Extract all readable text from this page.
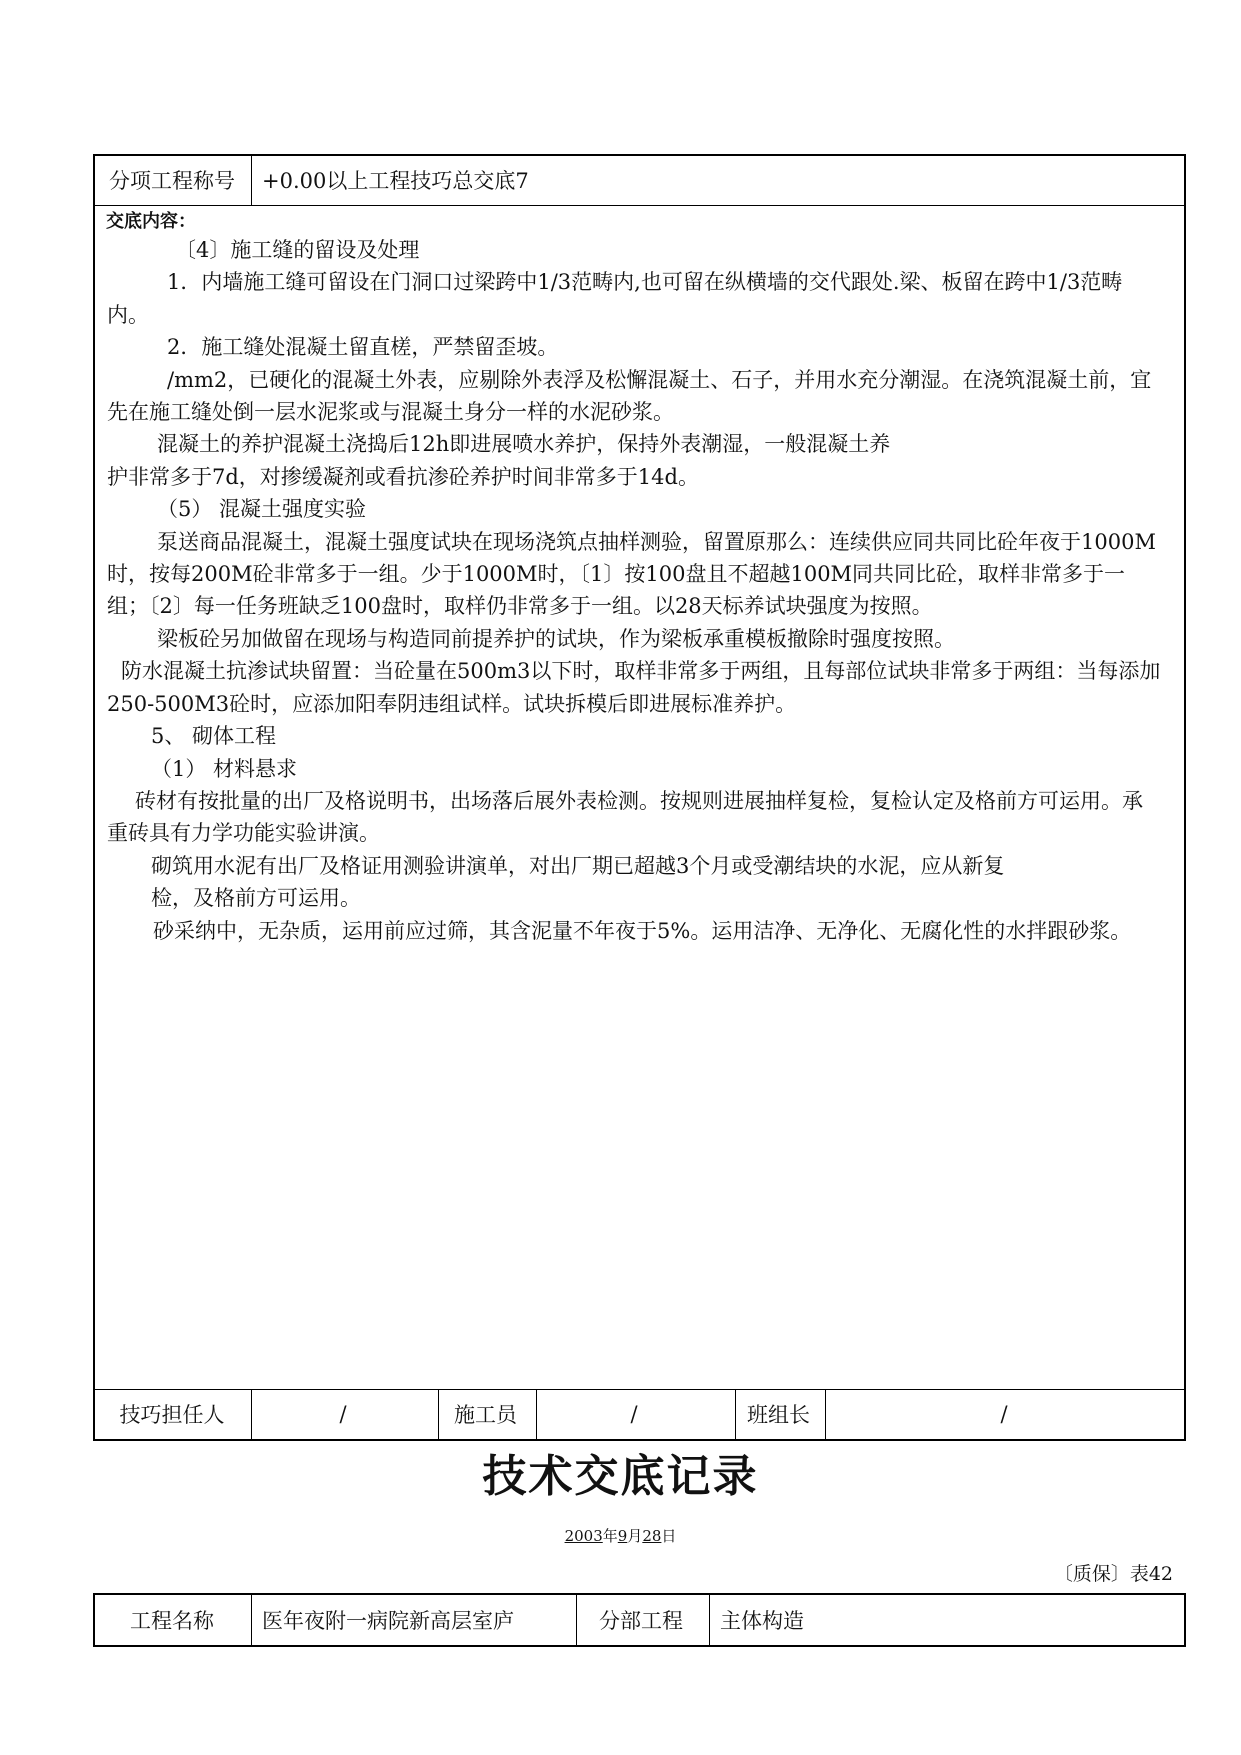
分项工程称号	+0.00以上工程技巧总交底7
交底内容：

〔4〕施工缝的留设及处理

1．内墙施工缝可留设在门洞口过梁跨中1/3范畴内,也可留在纵横墙的交代跟处.梁、板留在跨中1/3范畴内。

2．施工缝处混凝土留直槎，严禁留歪坡。

/mm2，已硬化的混凝土外表，应剔除外表浮及松懈混凝土、石子，并用水充分潮湿。在浇筑混凝土前，宜先在施工缝处倒一层水泥浆或与混凝土身分一样的水泥砂浆。

混凝土的养护混凝土浇捣后12h即进展喷水养护，保持外表潮湿，一般混凝土养

护非常多于7d，对掺缓凝剂或看抗渗砼养护时间非常多于14d。

（5） 混凝土强度实验

泵送商品混凝土，混凝土强度试块在现场浇筑点抽样测验，留置原那么：连续供应同共同比砼年夜于1000M时，按每200M砼非常多于一组。少于1000M时，〔1〕按100盘且不超越100M同共同比砼，取样非常多于一组；〔2〕每一任务班缺乏100盘时，取样仍非常多于一组。以28天标养试块强度为按照。

梁板砼另加做留在现场与构造同前提养护的试块，作为梁板承重模板撤除时强度按照。

防水混凝土抗渗试块留置：当砼量在500m3以下时，取样非常多于两组，且每部位试块非常多于两组：当每添加250-500M3砼时，应添加阳奉阴违组试样。试块拆模后即进展标准养护。

5、 砌体工程

（1） 材料悬求

砖材有按批量的出厂及格说明书，出场落后展外表检测。按规则进展抽样复检，复检认定及格前方可运用。承重砖具有力学功能实验讲演。

砌筑用水泥有出厂及格证用测验讲演单，对出厂期已超越3个月或受潮结块的水泥，应从新复

检，及格前方可运用。

砂采纳中，无杂质，运用前应过筛，其含泥量不年夜于5%。运用洁净、无净化、无腐化性的水拌跟砂浆。

技巧担任人	/	施工员	/	班组长	/
技术交底记录
2003年9月28日
〔质保〕表42
工程名称	医年夜附一病院新高层室庐	分部工程	主体构造
